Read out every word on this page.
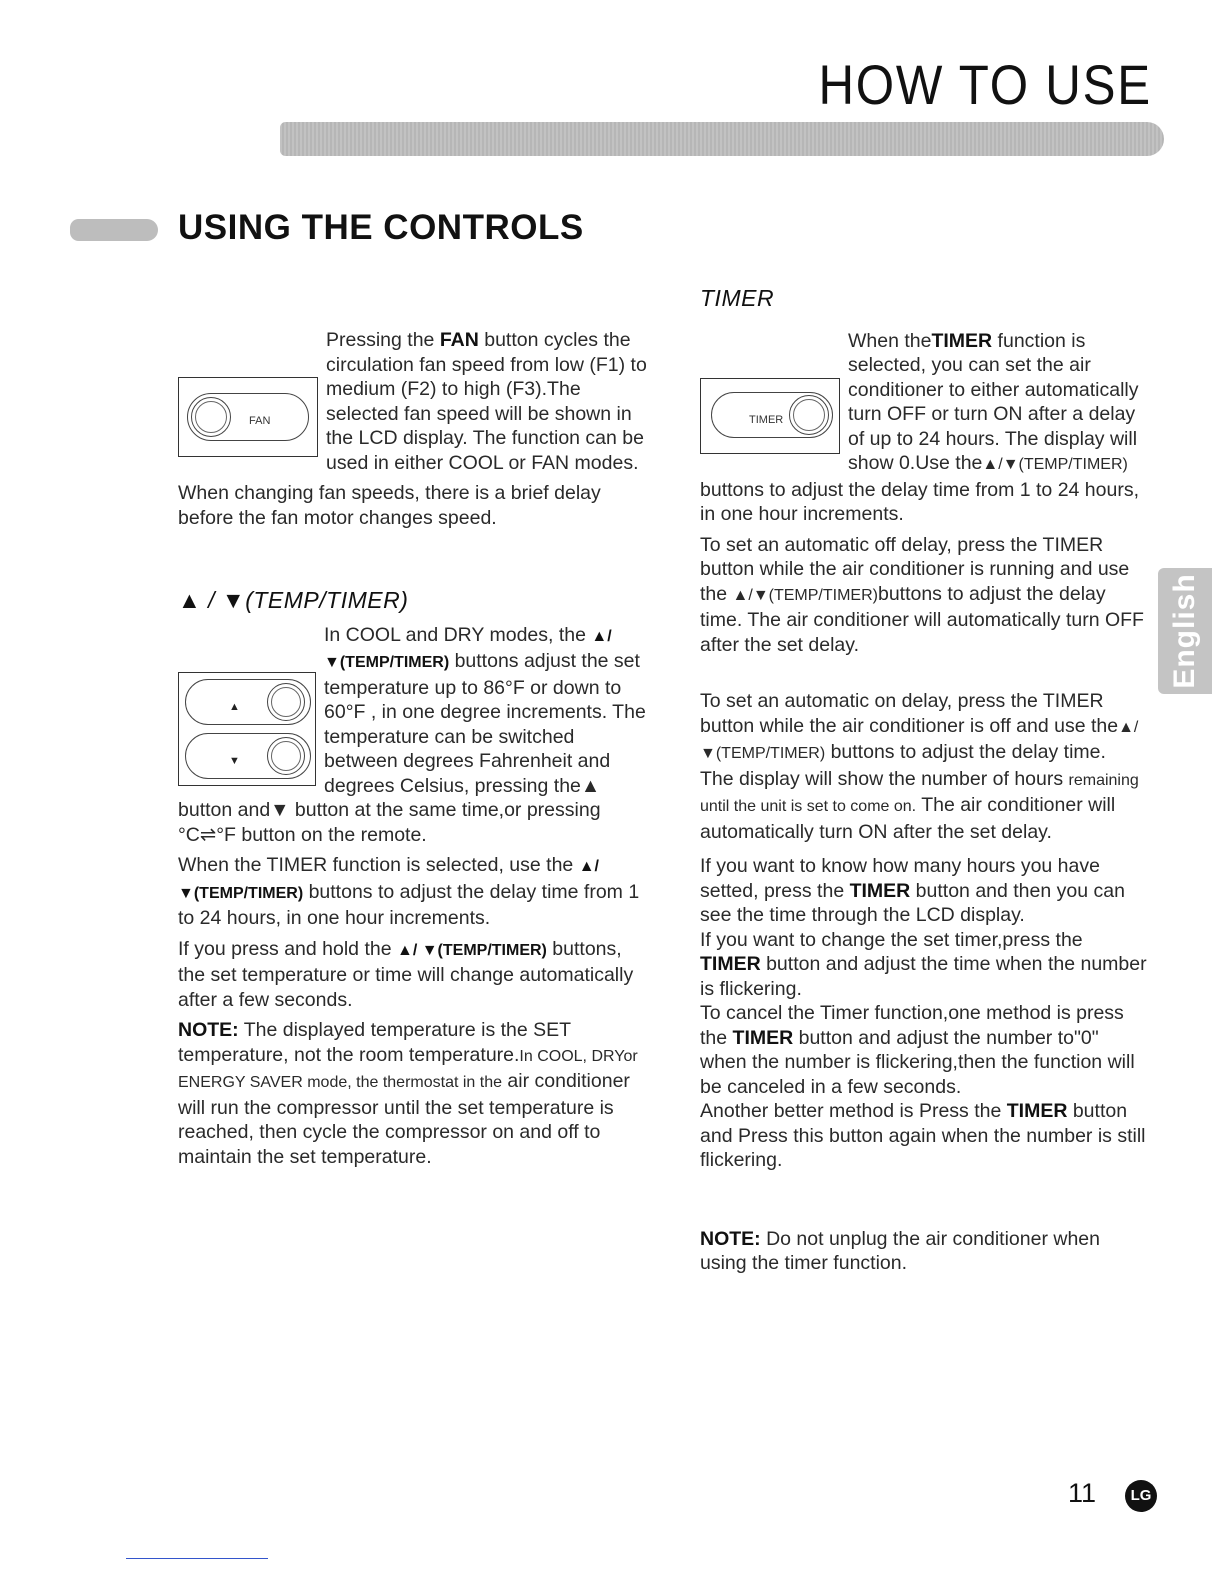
HOW TO USE
USING THE CONTROLS
FAN

Pressing the FAN button cycles the circulation fan speed from low (F1) to medium (F2) to high (F3).The selected fan speed will be shown in the LCD display. The function can be used in either COOL or FAN modes.

When changing fan speeds, there is a brief delay before the fan motor changes speed.

▲ / ▼(TEMP/TIMER)
▲
▼

In COOL and DRY modes, the ▲/ ▼(TEMP/TIMER) buttons adjust the set temperature up to 86°F or down to 60°F , in one degree increments. The temperature can be switched between degrees Fahrenheit and degrees Celsius, pressing the▲ button and▼ button at the same time,or pressing °C⇌°F button on the remote.

When the TIMER function is selected, use the ▲/ ▼(TEMP/TIMER) buttons to adjust the delay time from 1 to 24 hours, in one hour increments.

If you press and hold the ▲/ ▼(TEMP/TIMER) buttons, the set temperature or time will change automatically after a few seconds.

NOTE: The displayed temperature is the SET temperature, not the room temperature.In COOL, DRYor ENERGY SAVER mode, the thermostat in the air conditioner will run the compressor until the set temperature is reached, then cycle the compressor on and off to maintain the set temperature.

TIMER
TIMER

When theTIMER function is selected, you can set the air conditioner to either automatically turn OFF or turn ON after a delay of up to 24 hours. The display will show 0.Use the▲/▼(TEMP/TIMER) buttons to adjust the delay time from 1 to 24 hours, in one hour increments.

To set an automatic off delay, press the TIMER button while the air conditioner is running and use the ▲/▼(TEMP/TIMER)buttons to adjust the delay time. The air conditioner will automatically turn OFF after the set delay.

To set an automatic on delay, press the TIMER button while the air conditioner is off and use the▲/▼(TEMP/TIMER) buttons to adjust the delay time.

The display will show the number of hours remaining until the unit is set to come on. The air conditioner will automatically turn ON after the set delay.

If you want to know how many hours you have setted, press the TIMER button and then you can see the time through the LCD display.

If you want to change the set timer,press the TIMER button and adjust the time when the number is flickering.

To cancel the Timer function,one method is press the TIMER button and adjust the number to"0" when the number is flickering,then the function will be canceled in a few seconds.

Another better method is Press the TIMER button and Press this button again when the number is still flickering.

NOTE: Do not unplug the air conditioner when using the timer function.

English
11	LG
